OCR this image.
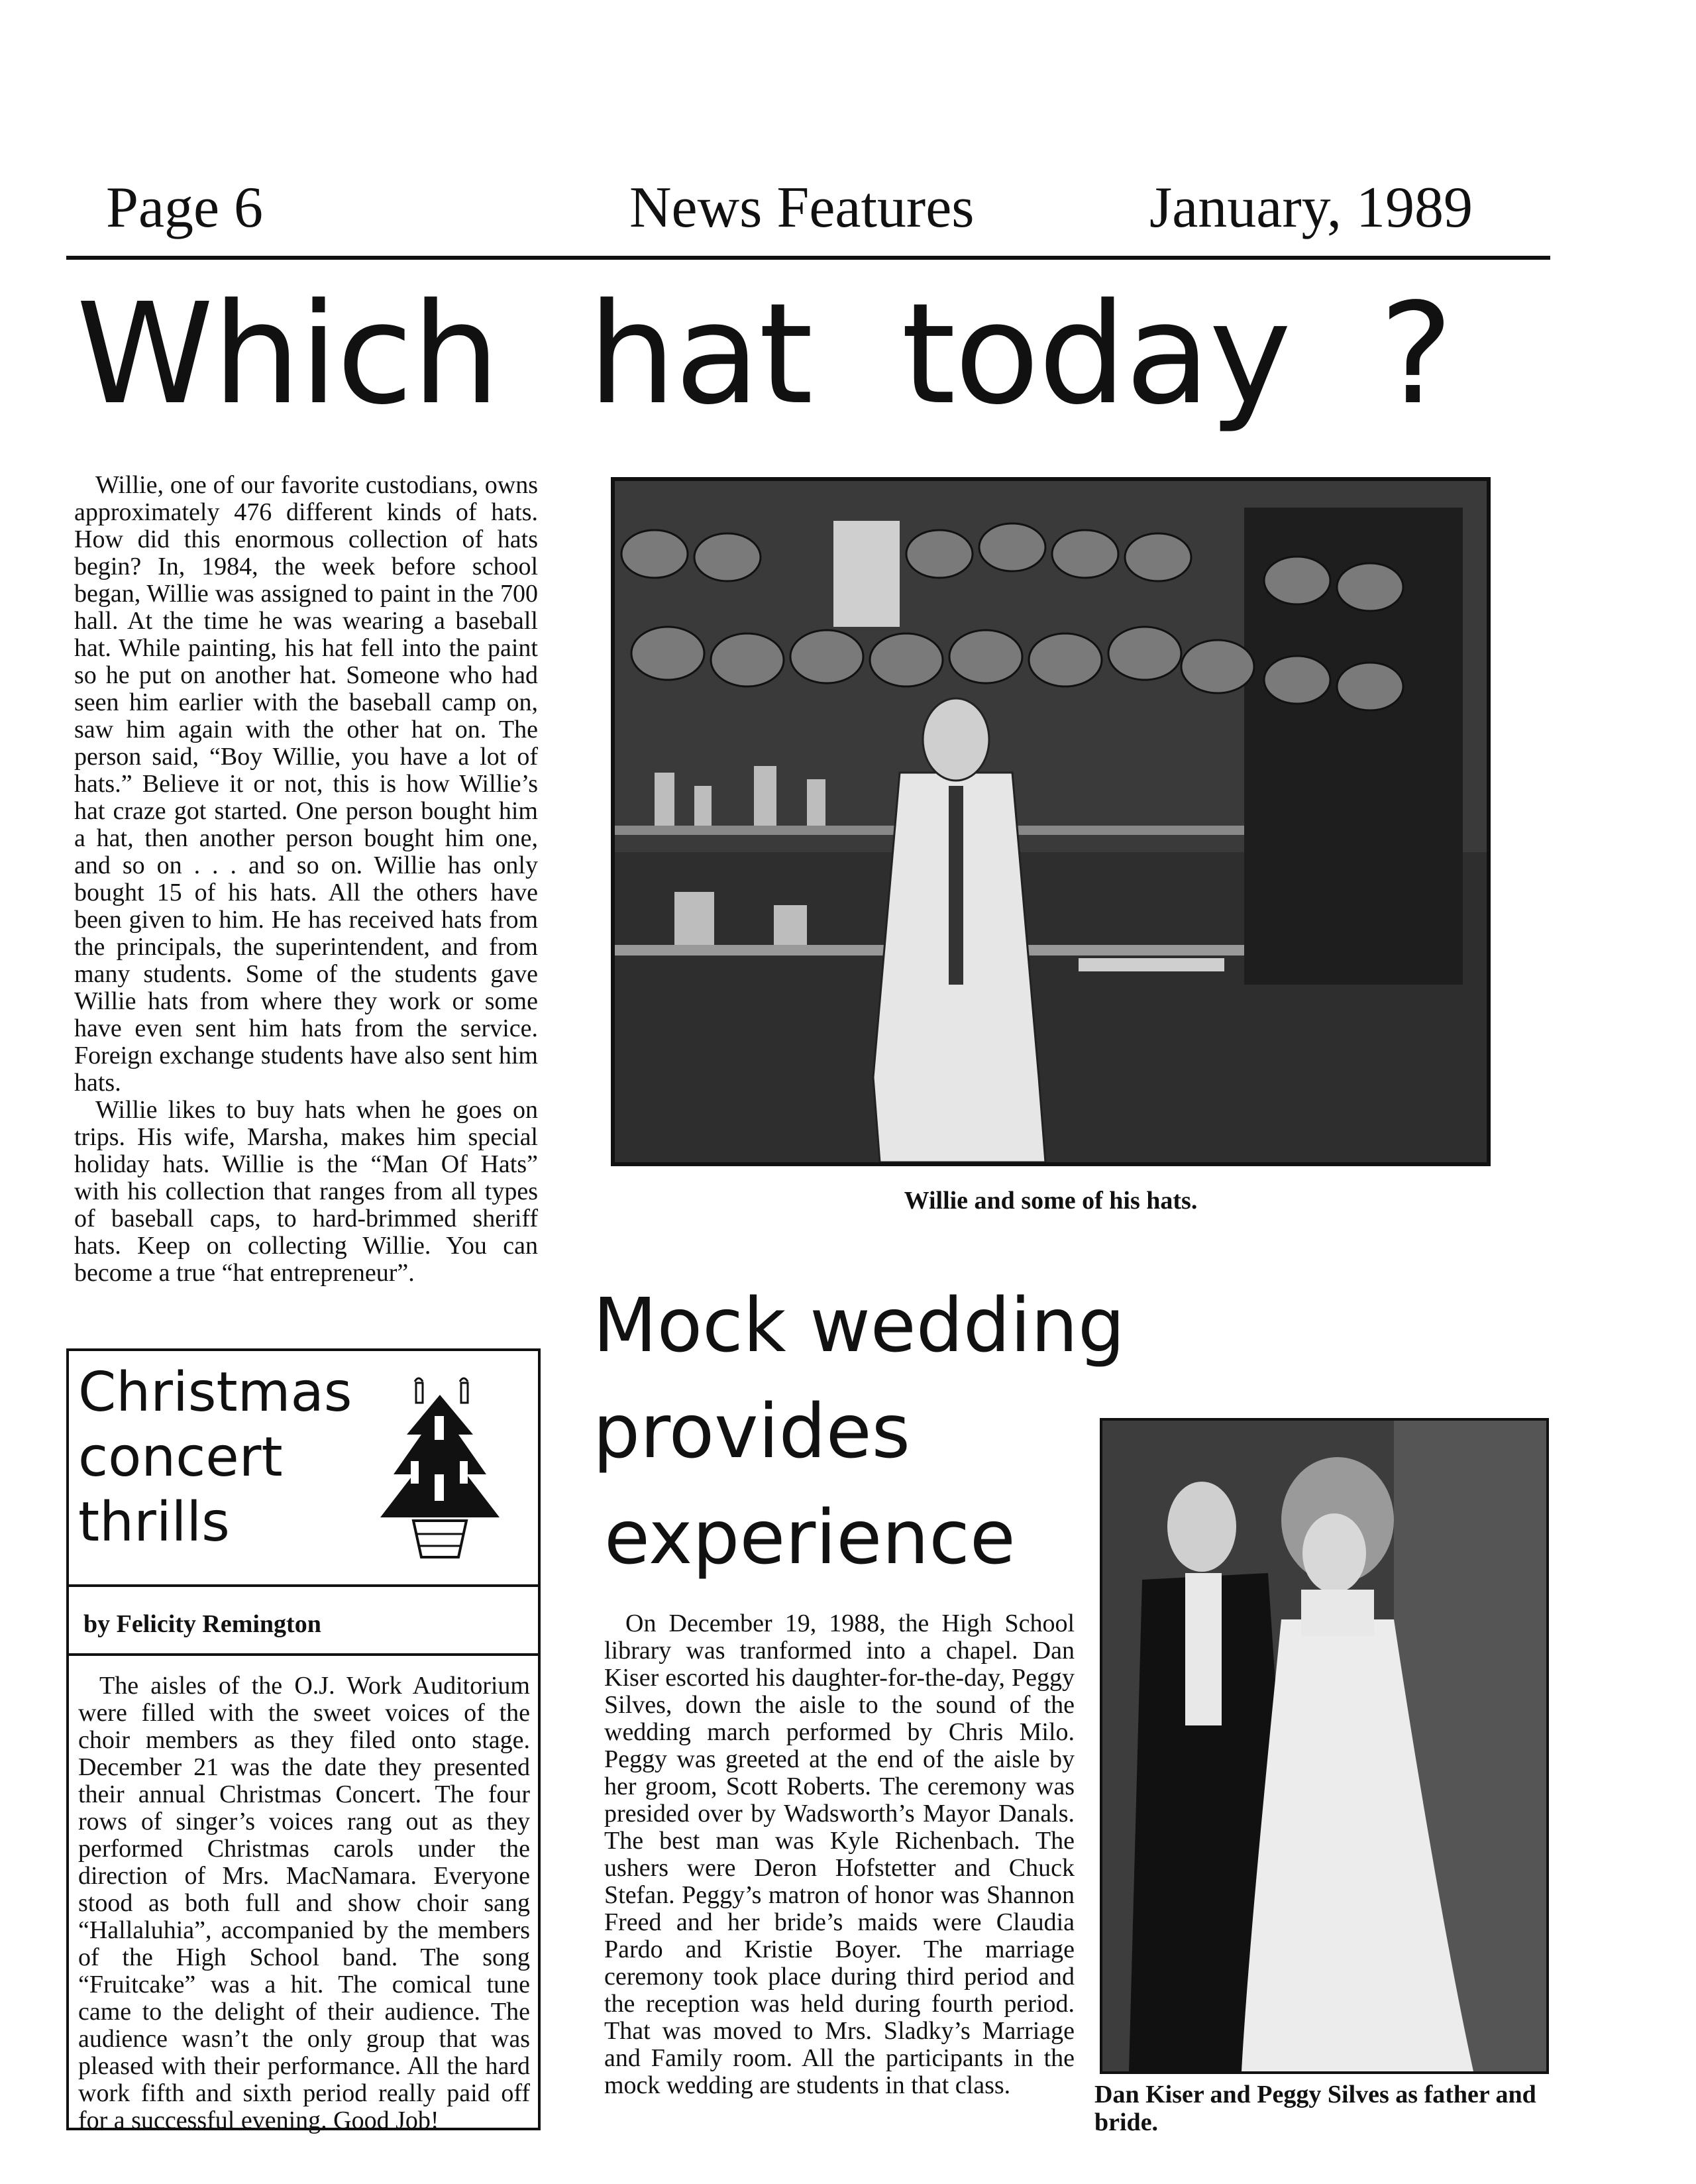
Page 6	News Features	January, 1989
Which hat today ?

Willie, one of our favorite custodians, owns approximately 476 different kinds of hats. How did this enormous collection of hats begin? In, 1984, the week before school began, Willie was assigned to paint in the 700 hall. At the time he was wearing a baseball hat. While painting, his hat fell into the paint so he put on another hat. Someone who had seen him earlier with the baseball camp on, saw him again with the other hat on. The person said, “Boy Willie, you have a lot of hats.” Believe it or not, this is how Willie’s hat craze got started. One person bought him a hat, then another person bought him one, and so on . . . and so on. Willie has only bought 15 of his hats. All the others have been given to him. He has received hats from the principals, the superintendent, and from many students. Some of the students gave Willie hats from where they work or some have even sent him hats from the service. Foreign exchange students have also sent him hats.

Willie likes to buy hats when he goes on trips. His wife, Marsha, makes him special holiday hats. Willie is the “Man Of Hats” with his collection that ranges from all types of baseball caps, to hard-brimmed sheriff hats. Keep on collecting Willie. You can become a true “hat entrepreneur”.

Willie and some of his hats.
Christmas
concert
thrills
by Felicity Remington

The aisles of the O.J. Work Auditorium were filled with the sweet voices of the choir members as they filed onto stage. December 21 was the date they presented their annual Christmas Concert. The four rows of singer’s voices rang out as they performed Christmas carols under the direction of Mrs. MacNamara. Everyone stood as both full and show choir sang “Hallaluhia”, accompanied by the members of the High School band. The song “Fruitcake” was a hit. The comical tune came to the delight of their audience. The audience wasn’t the only group that was pleased with their performance. All the hard work fifth and sixth period really paid off for a successful evening. Good Job!

Mock wedding
provides
experience

On December 19, 1988, the High School library was tranformed into a chapel. Dan Kiser escorted his daughter-for-the-day, Peggy Silves, down the aisle to the sound of the wedding march performed by Chris Milo. Peggy was greeted at the end of the aisle by her groom, Scott Roberts. The ceremony was presided over by Wadsworth’s Mayor Danals. The best man was Kyle Richenbach. The ushers were Deron Hofstetter and Chuck Stefan. Peggy’s matron of honor was Shannon Freed and her bride’s maids were Claudia Pardo and Kristie Boyer. The marriage ceremony took place during third period and the reception was held during fourth period. That was moved to Mrs. Sladky’s Marriage and Family room. All the participants in the mock wedding are students in that class.	Dan Kiser and Peggy Silves as father and bride.
